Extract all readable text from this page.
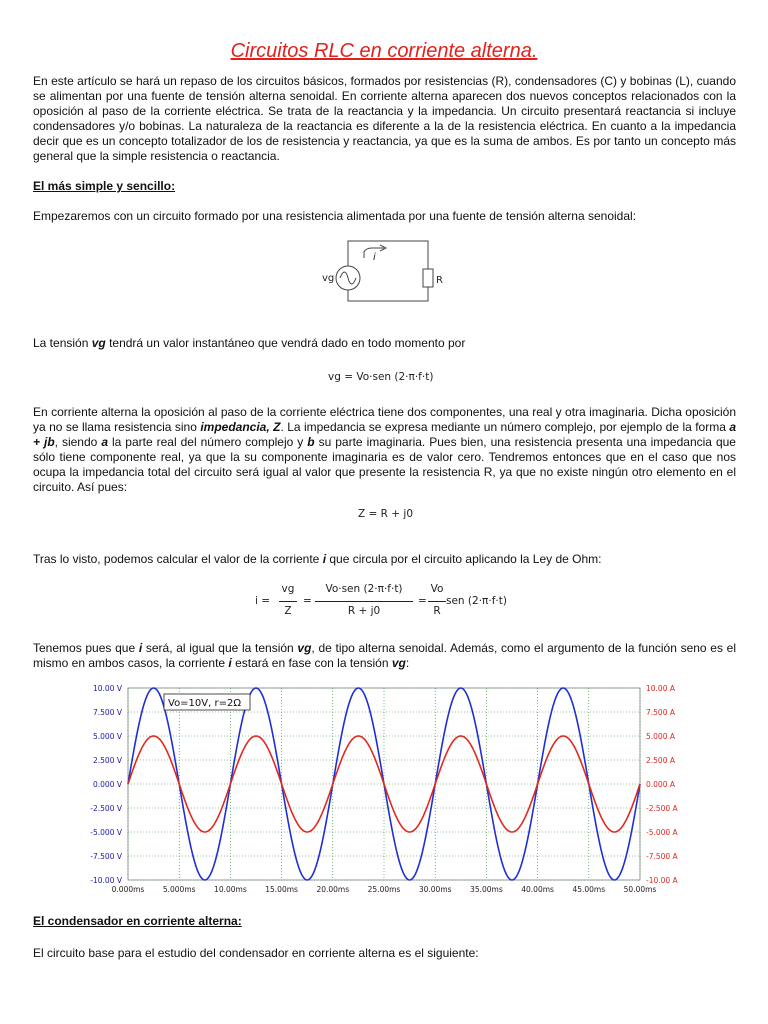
Circuitos RLC en corriente alterna.
En este artículo se hará un repaso de los circuitos básicos, formados por resistencias (R), condensadores (C) y bobinas (L), cuando se alimentan por una fuente de tensión alterna senoidal. En corriente alterna aparecen dos nuevos conceptos relacionados con la oposición al paso de la corriente eléctrica. Se trata de la reactancia y la impedancia. Un circuito presentará reactancia si incluye condensadores y/o bobinas. La naturaleza de la reactancia es diferente a la de la resistencia eléctrica. En cuanto a la impedancia decir que es un concepto totalizador de los de resistencia y reactancia, ya que es la suma de ambos. Es por tanto un concepto más general que la simple resistencia o reactancia.
El más simple y sencillo:
Empezaremos con un circuito formado por una resistencia alimentada por una fuente de tensión alterna senoidal:
vg
i
R
La tensión vg tendrá un valor instantáneo que vendrá dado en todo momento por
vg = Vo·sen (2·π·f·t)
En corriente alterna la oposición al paso de la corriente eléctrica tiene dos componentes, una real y otra imaginaria. Dicha oposición ya no se llama resistencia sino impedancia, Z. La impedancia se expresa mediante un número complejo, por ejemplo de la forma a + jb, siendo a la parte real del número complejo y b su parte imaginaria. Pues bien, una resistencia presenta una impedancia que sólo tiene componente real, ya que la su componente imaginaria es de valor cero. Tendremos entonces que en el caso que nos ocupa la impedancia total del circuito será igual al valor que presente la resistencia R, ya que no existe ningún otro elemento en el circuito. Así pues:
Z = R + j0
Tras lo visto, podemos calcular el valor de la corriente i que circula por el circuito aplicando la Ley de Ohm:
i =
vg
Z
=
Vo·sen (2·π·f·t)
R + j0
=
Vo
R
sen (2·π·f·t)
Tenemos pues que i será, al igual que la tensión vg, de tipo alterna senoidal. Además, como el argumento de la función seno es el mismo en ambos casos, la corriente i estará en fase con la tensión vg:
10.00 V
7.500 V
5.000 V
2.500 V
0.000 V
-2.500 V
-5.000 V
-7.500 V
-10.00 V
10.00 A
7.500 A
5.000 A
2.500 A
0.000 A
-2.500 A
-5.000 A
-7.500 A
-10.00 A
0.000ms 5.000ms 10.00ms 15.00ms 20.00ms 25.00ms 30.00ms 35.00ms 40.00ms 45.00ms 50.00ms
Vo=10V, r=2Ω
El condensador en corriente alterna:
El circuito base para el estudio del condensador en corriente alterna es el siguiente:
